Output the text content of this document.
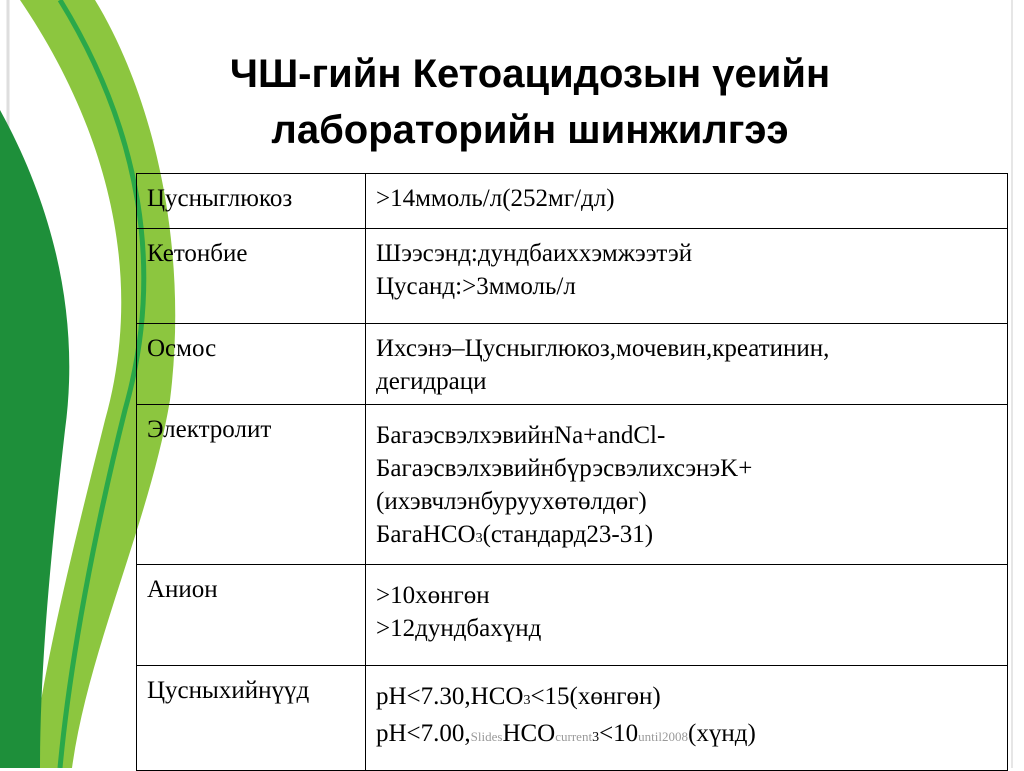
ЧШ-гийн Кетоацидозын үеийн
лабораторийн шинжилгээ
Цусныглюкоз	>14ммоль/л(252мг/дл)

Кетонбие	Шээсэнд:дундбаихxэмжээтэй
Цусанд:>3ммоль/л

Осмос	Ихсэнэ–Цусныглюкоз,мочевин,креатинин,
дегидраци

Электролит	БагаэсвэлхэвийнNa+andCl-
БагаэсвэлхэвийнбүрэсвэлихсэнэK+
(ихэвчлэнбуруухөтөлдөг)
БагаHCO3(стандард23-31)

Анион	>10хөнгөн
>12дундбахүнд

Цусныхийнүүд	pH<7.30,HCO3<15(хөнгөн)
pH<7.00,SlidesHCOcurrent3<10until2008(хүнд)
